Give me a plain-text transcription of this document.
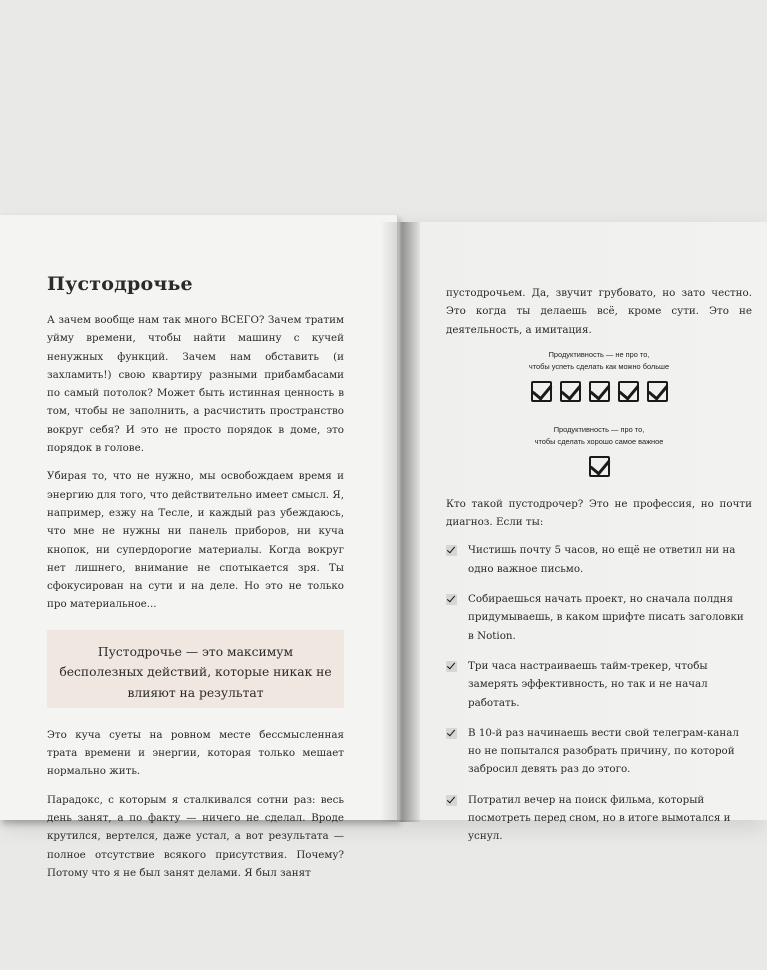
Пустодрочье

А зачем вообще нам так много ВСЕГО? Зачем тратим уйму времени, чтобы найти машину с кучей ненужных функций. Зачем нам обставить (и захламить!) свою квартиру разными прибамбасами по самый потолок? Может быть истинная ценность в том, чтобы не заполнить, а расчистить пространство вокруг себя? И это не просто порядок в доме, это порядок в голове.

Убирая то, что не нужно, мы освобождаем время и энергию для того, что действительно имеет смысл. Я, например, езжу на Тесле, и каждый раз убеждаюсь, что мне не нужны ни панель приборов, ни куча кнопок, ни супердорогие материалы. Когда вокруг нет лишнего, внимание не спотыкается зря. Ты сфокусирован на сути и на деле. Но это не только про материальное...

Пустодрочье — это максимум бесполезных действий, которые никак не влияют на результат

Это куча суеты на ровном месте бессмысленная трата времени и энергии, которая только мешает нормально жить.

Парадокс, с которым я сталкивался сотни раз: весь день занят, а по факту — ничего не сделал. Вроде крутился, вертелся, даже устал, а вот результата — полное отсутствие всякого присутствия. Почему? Потому что я не был занят делами. Я был занят

пустодрочьем. Да, звучит грубовато, но зато честно. Это когда ты делаешь всё, кроме сути. Это не деятельность, а имитация.

Продуктивность — не про то,
чтобы успеть сделать как можно больше
Продуктивность — про то,
чтобы сделать хорошо самое важное

Кто такой пустодрочер? Это не профессия, но почти диагноз. Если ты:

Чистишь почту 5 часов, но ещё не ответил ни на одно важное письмо.
Собираешься начать проект, но сначала полдня придумываешь, в каком шрифте писать заголовки в Notion.
Три часа настраиваешь тайм-трекер, чтобы замерять эффективность, но так и не начал работать.
В 10-й раз начинаешь вести свой телеграм-канал но не попытался разобрать причину, по которой забросил девять раз до этого.
Потратил вечер на поиск фильма, который посмотреть перед сном, но в итоге вымотался и уснул.
